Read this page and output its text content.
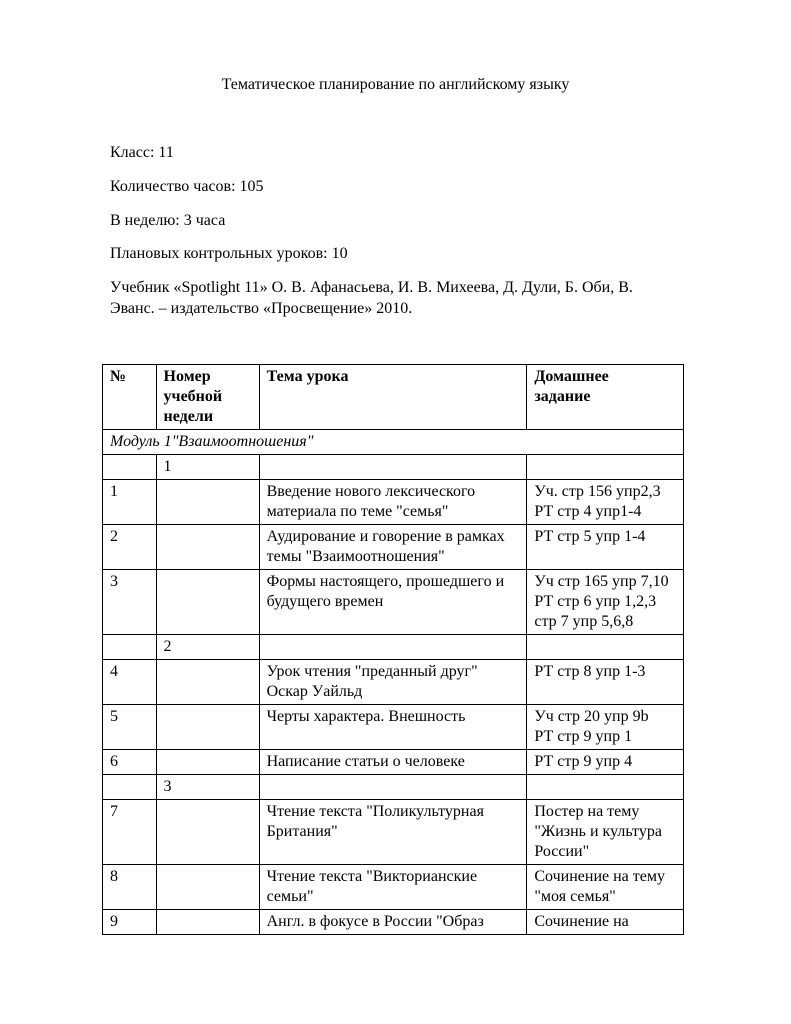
Тематическое планирование по английскому языку
Класс: 11
Количество часов: 105
В неделю: 3 часа
Плановых контрольных уроков: 10
Учебник «Spotlight 11» О. В. Афанасьева, И. В. Михеева, Д. Дули, Б. Оби, В.
Эванс. – издательство «Просвещение» 2010.
№	Номер
учебной
недели	Тема урока	Домашнее
задание

Модуль 1"Взаимоотношения"			
	1		
1		Введение нового лексического материала по теме "семья"	Уч. стр 156 упр2,3
РТ стр 4 упр1-4

2		Аудирование и говорение в рамках темы "Взаимоотношения"	РТ стр 5 упр 1-4

3		Формы настоящего, прошедшего и будущего времен	Уч стр 165 упр 7,10
РТ стр 6 упр 1,2,3
стр 7 упр 5,6,8

	2		
4		Урок чтения "преданный друг" Оскар Уайльд	РТ стр 8 упр 1-3

5		Черты характера. Внешность	Уч стр 20 упр 9b
РТ стр 9 упр 1

6		Написание статьи о человеке	РТ стр 9 упр 4

	3		
7		Чтение текста "Поликультурная Британия"	Постер на тему "Жизнь и культура России"

8		Чтение текста "Викторианские семьи"	Сочинение на тему "моя семья"

9		Англ. в фокусе в России "Образ	Сочинение на
